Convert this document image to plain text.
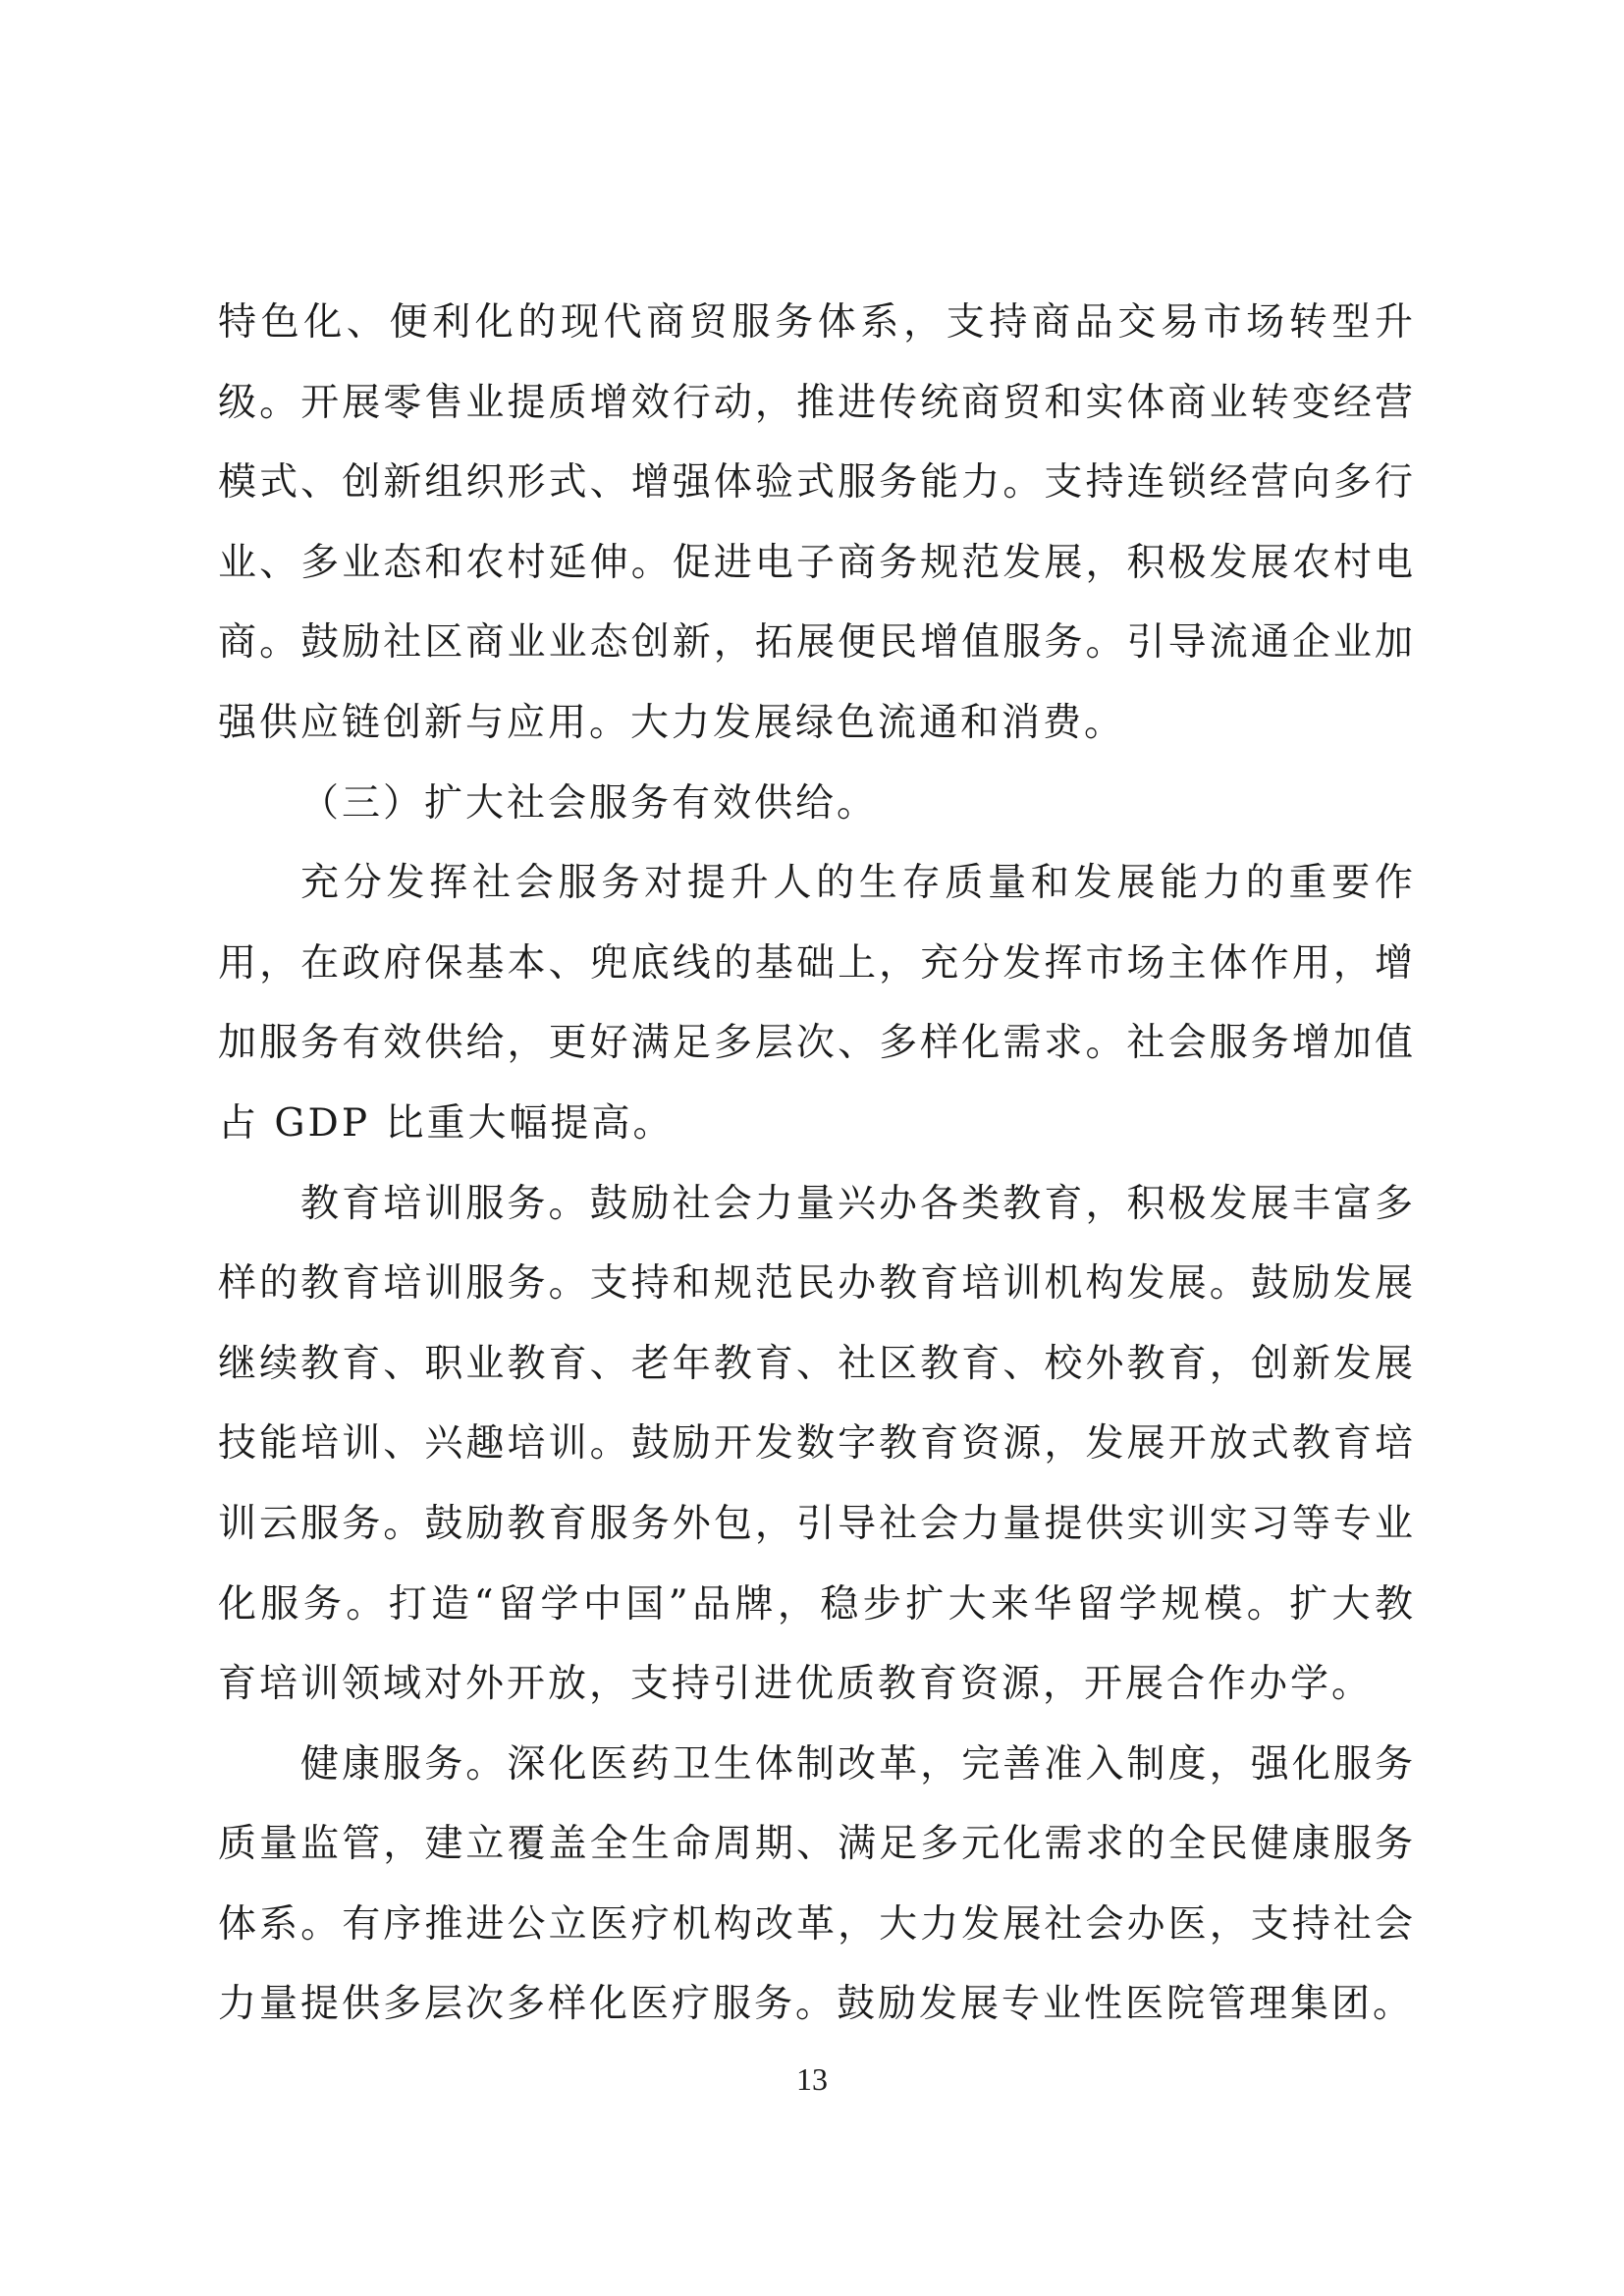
特色化、便利化的现代商贸服务体系，支持商品交易市场转型升级。开展零售业提质增效行动，推进传统商贸和实体商业转变经营模式、创新组织形式、增强体验式服务能力。支持连锁经营向多行业、多业态和农村延伸。促进电子商务规范发展，积极发展农村电商。鼓励社区商业业态创新，拓展便民增值服务。引导流通企业加强供应链创新与应用。大力发展绿色流通和消费。

（三）扩大社会服务有效供给。

充分发挥社会服务对提升人的生存质量和发展能力的重要作用，在政府保基本、兜底线的基础上，充分发挥市场主体作用，增加服务有效供给，更好满足多层次、多样化需求。社会服务增加值占 GDP 比重大幅提高。

教育培训服务。鼓励社会力量兴办各类教育，积极发展丰富多样的教育培训服务。支持和规范民办教育培训机构发展。鼓励发展继续教育、职业教育、老年教育、社区教育、校外教育，创新发展技能培训、兴趣培训。鼓励开发数字教育资源，发展开放式教育培训云服务。鼓励教育服务外包，引导社会力量提供实训实习等专业化服务。打造“留学中国”品牌，稳步扩大来华留学规模。扩大教育培训领域对外开放，支持引进优质教育资源，开展合作办学。

健康服务。深化医药卫生体制改革，完善准入制度，强化服务质量监管，建立覆盖全生命周期、满足多元化需求的全民健康服务体系。有序推进公立医疗机构改革，大力发展社会办医，支持社会力量提供多层次多样化医疗服务。鼓励发展专业性医院管理集团。

13
